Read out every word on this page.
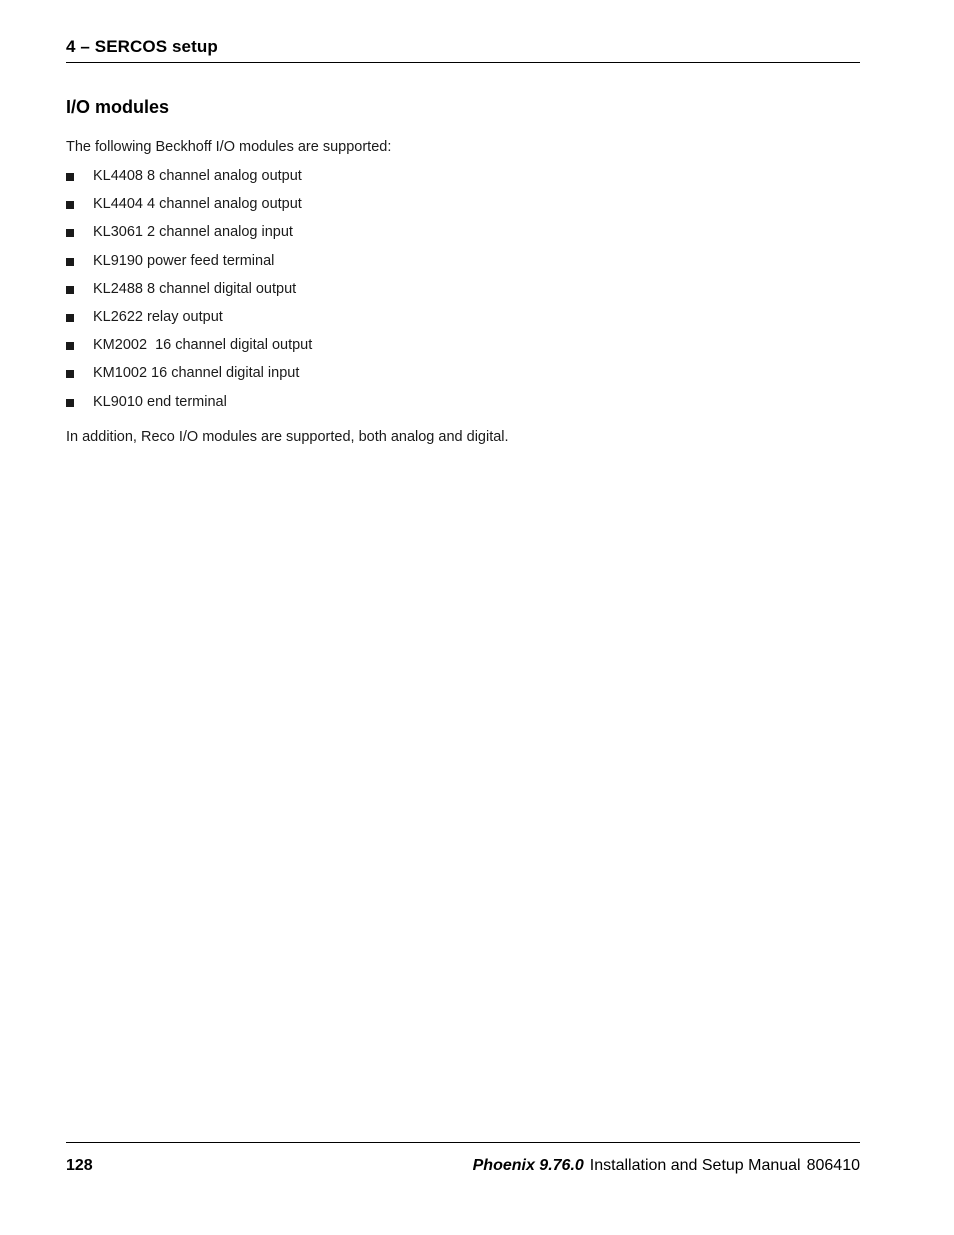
4 – SERCOS setup
I/O modules

The following Beckhoff I/O modules are supported:

KL4408 8 channel analog output
KL4404 4 channel analog output
KL3061 2 channel analog input
KL9190 power feed terminal
KL2488 8 channel digital output
KL2622 relay output
KM2002  16 channel digital output
KM1002 16 channel digital input
KL9010 end terminal

In addition, Reco I/O modules are supported, both analog and digital.

128	Phoenix 9.76.0 Installation and Setup Manual 806410
